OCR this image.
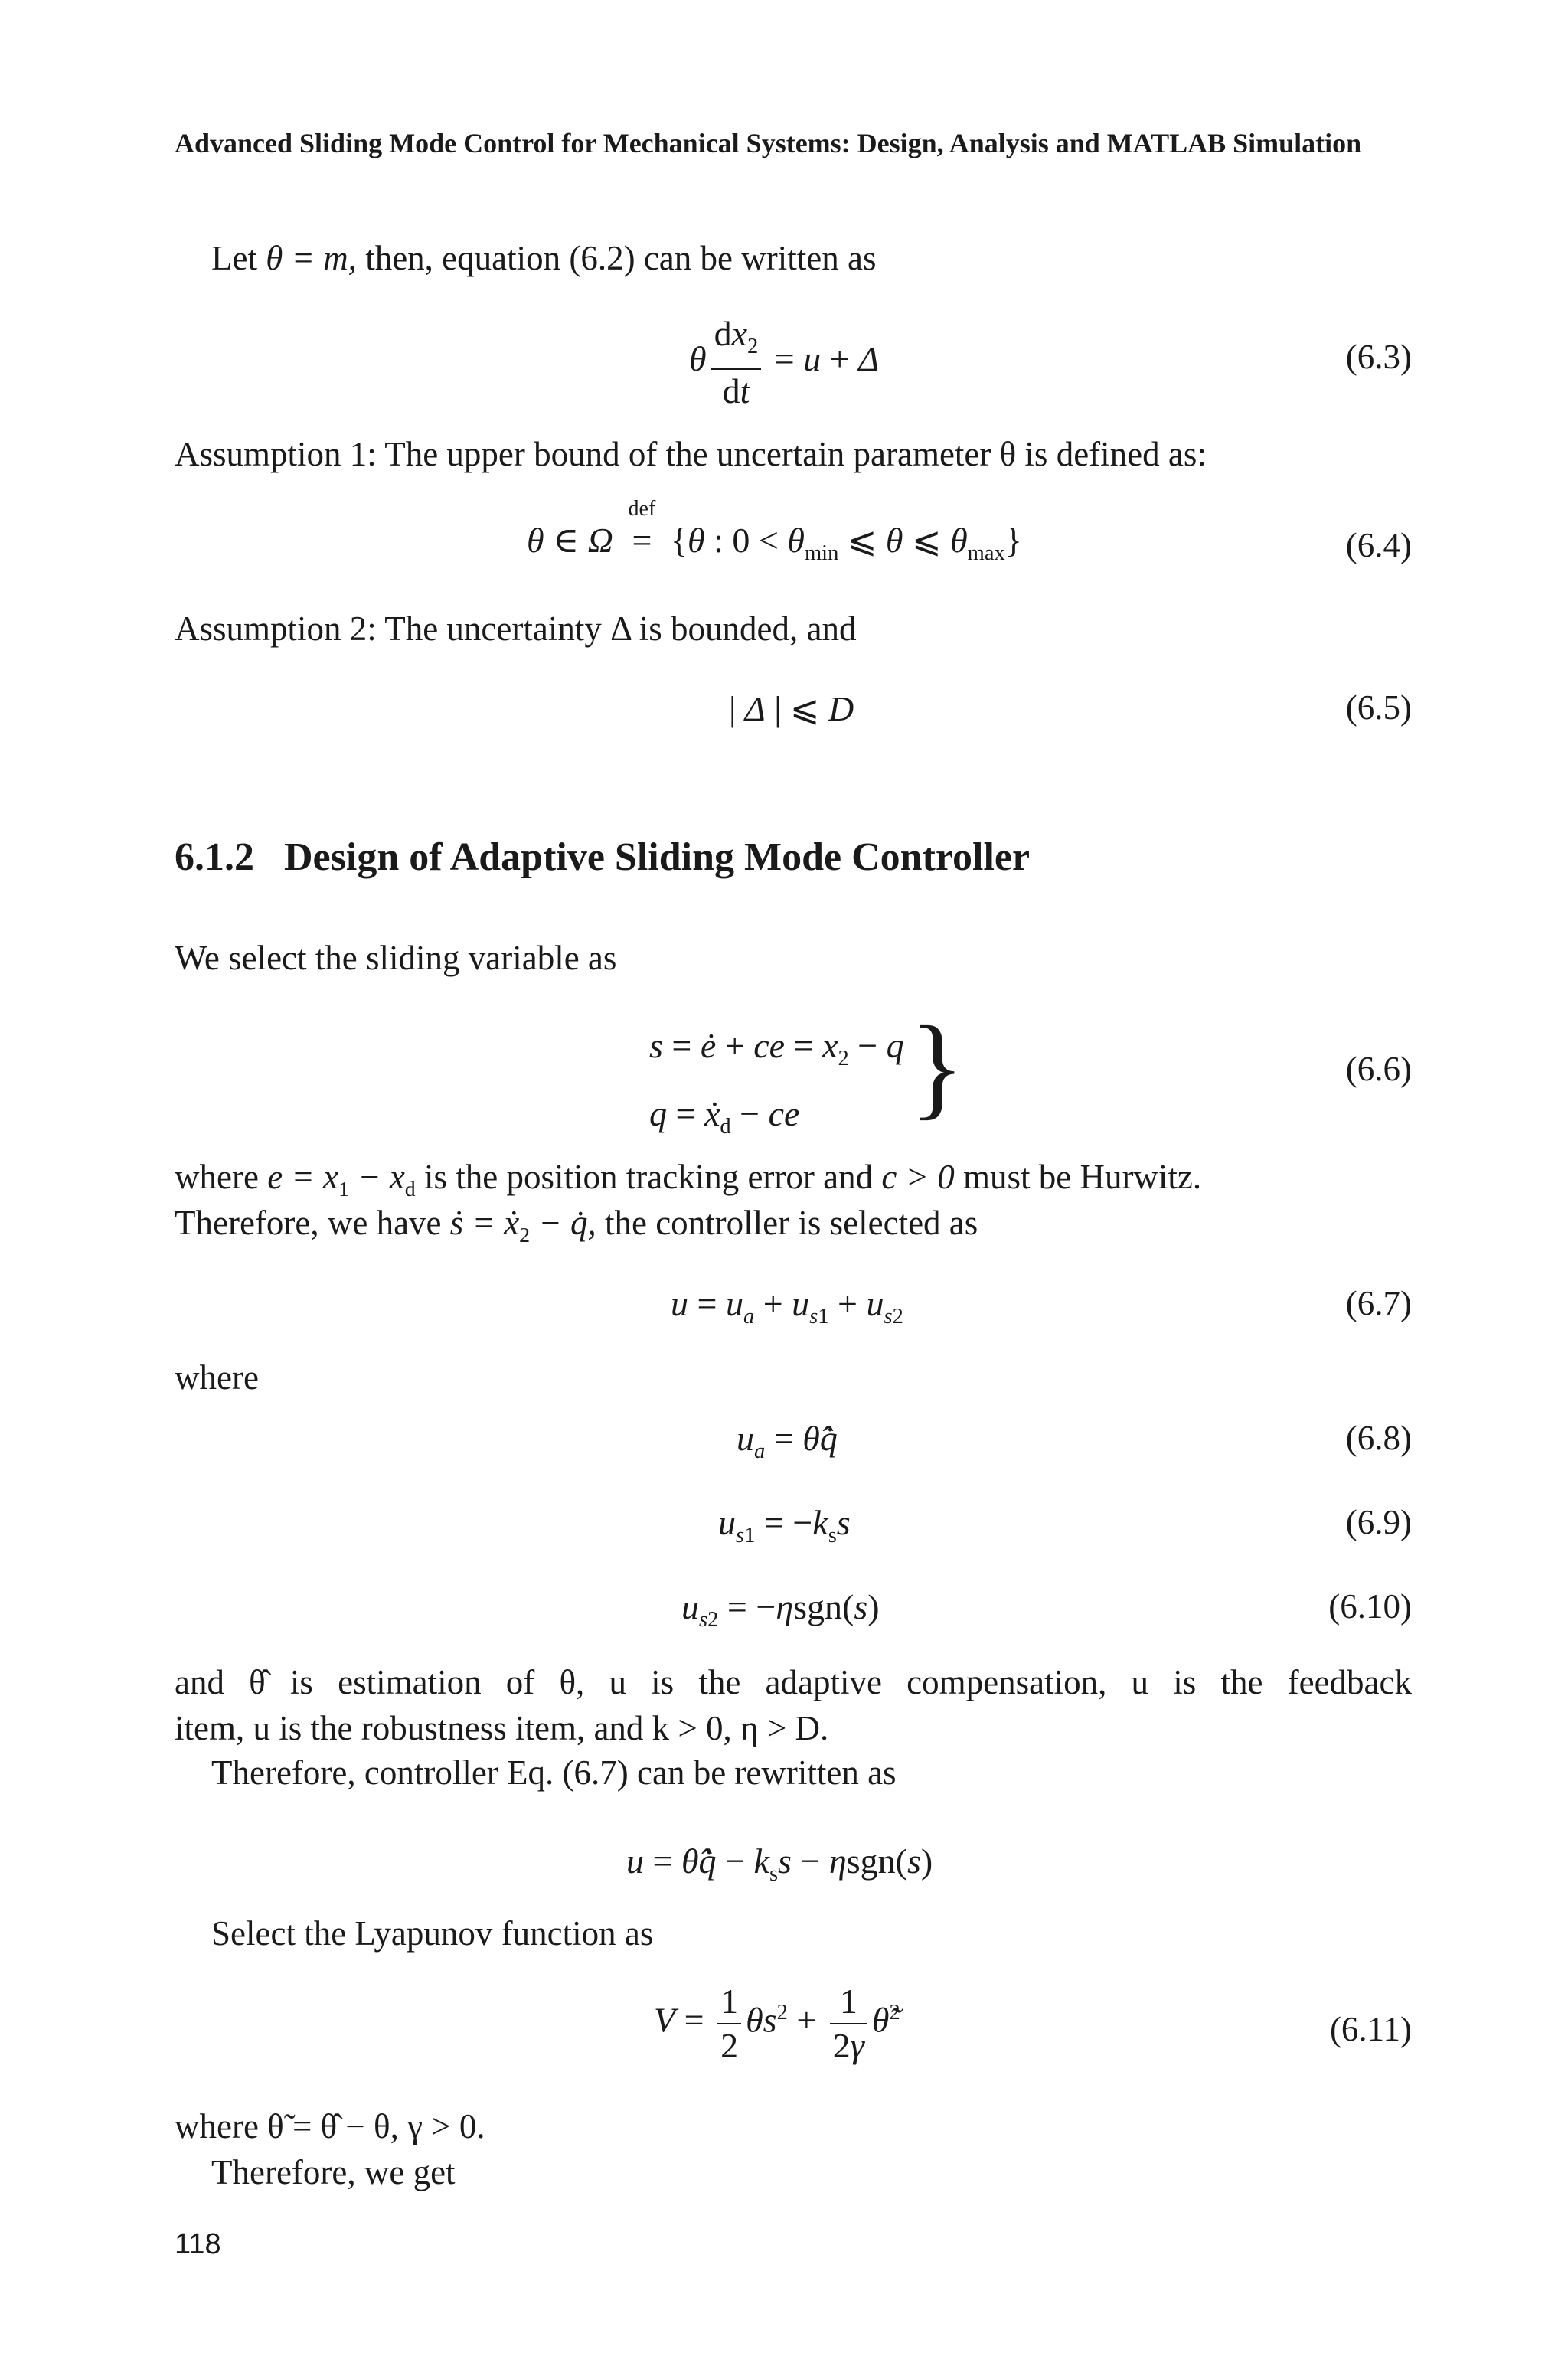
Advanced Sliding Mode Control for Mechanical Systems: Design, Analysis and MATLAB Simulation
Let θ = m, then, equation (6.2) can be written as
θ $\frac{dx_2}{dt} = u + \Delta$	(6.3)
Assumption 1: The upper bound of the uncertain parameter θ is defined as:
θ ∈ Ω
def
= {θ : $0 < \theta_{min}$ ⩽ θ ⩽ $\theta_{max}$}	(6.4)
Assumption 2: The uncertainty Δ is bounded, and
| Δ | ⩽ D	(6.5)
6.1.2 Design of Adaptive Sliding Mode Controller
We select the sliding variable as
s = ė + ce = $x_2 - q$
q = ẋ$_d$ − ce }	(6.6)
where $e = x_1 - x_d$ is the position tracking error and c > 0 must be Hurwitz.
Therefore, we have ṡ = ẋ$_2$ − q̇, the controller is selected as
$u = u_a + u_{s1} + u_{s2}$	(6.7)
where
$u_a$ = θ̂q̇	(6.8)
$u_{s1} = -k_ss$	(6.9)
$u_{s2} = -\eta sgn(s)$	(6.10)
and θ̂ is estimation of θ, u is the adaptive compensation, u is the feedback
item, u is the robustness item, and k > 0, η > D.
Therefore, controller Eq. (6.7) can be rewritten as
u = θ̂q̇ − $k_ss - \eta sgn(s)$
Select the Lyapunov function as
$V = \frac{1}{2} \theta s^2 + \frac{1}{2\gamma}$ θ̃$^2$	(6.11)
where θ̃ = θ̂ − θ, γ > 0.
Therefore, we get
118
